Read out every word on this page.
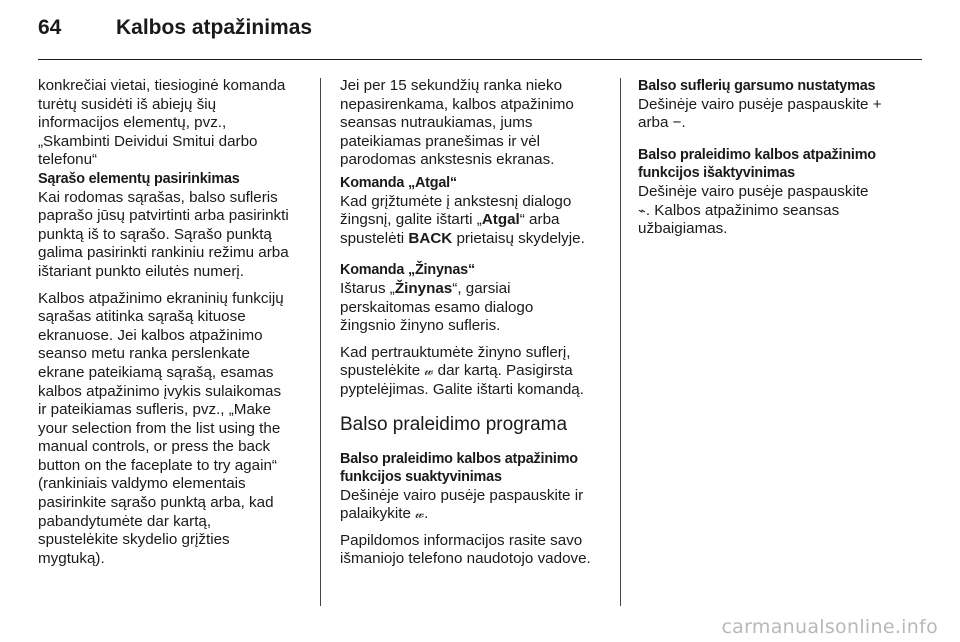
64	Kalbos atpažinimas
konkrečiai vietai, tiesioginė komanda
turėtų susidėti iš abiejų šių
informacijos elementų, pvz.,
„Skambinti Deividui Smitui darbo
telefonu“
Sąrašo elementų pasirinkimas
Kai rodomas sąrašas, balso sufleris
paprašo jūsų patvirtinti arba pasirinkti
punktą iš to sąrašo. Sąrašo punktą
galima pasirinkti rankiniu režimu arba
ištariant punkto eilutės numerį.
Kalbos atpažinimo ekraninių funkcijų
sąrašas atitinka sąrašą kituose
ekranuose. Jei kalbos atpažinimo
seanso metu ranka perslenkate
ekrane pateikiamą sąrašą, esamas
kalbos atpažinimo įvykis sulaikomas
ir pateikiamas sufleris, pvz., „Make
your selection from the list using the
manual controls, or press the back
button on the faceplate to try again“
(rankiniais valdymo elementais
pasirinkite sąrašo punktą arba, kad
pabandytumėte dar kartą,
spustelėkite skydelio grįžties
mygtuką).
Jei per 15 sekundžių ranka nieko
nepasirenkama, kalbos atpažinimo
seansas nutraukiamas, jums
pateikiamas pranešimas ir vėl
parodomas ankstesnis ekranas.
Komanda „Atgal“
Kad grįžtumėte į ankstesnį dialogo
žingsnį, galite ištarti „Atgal“ arba
spustelėti BACK prietaisų skydelyje.
Komanda „Žinynas“
Ištarus „Žinynas“, garsiai
perskaitomas esamo dialogo
žingsnio žinyno sufleris.
Kad pertrauktumėte žinyno suflerį,
spustelėkite 𝓌 dar kartą. Pasigirsta
pyptelėjimas. Galite ištarti komandą.
Balso praleidimo programa
Balso praleidimo kalbos atpažinimo
funkcijos suaktyvinimas
Dešinėje vairo pusėje paspauskite ir
palaikykite 𝓌.
Papildomos informacijos rasite savo
išmaniojo telefono naudotojo vadove.
Balso suflerių garsumo nustatymas
Dešinėje vairo pusėje paspauskite +
arba −.
Balso praleidimo kalbos atpažinimo
funkcijos išaktyvinimas
Dešinėje vairo pusėje paspauskite
⌁. Kalbos atpažinimo seansas
užbaigiamas.
carmanualsonline.info
